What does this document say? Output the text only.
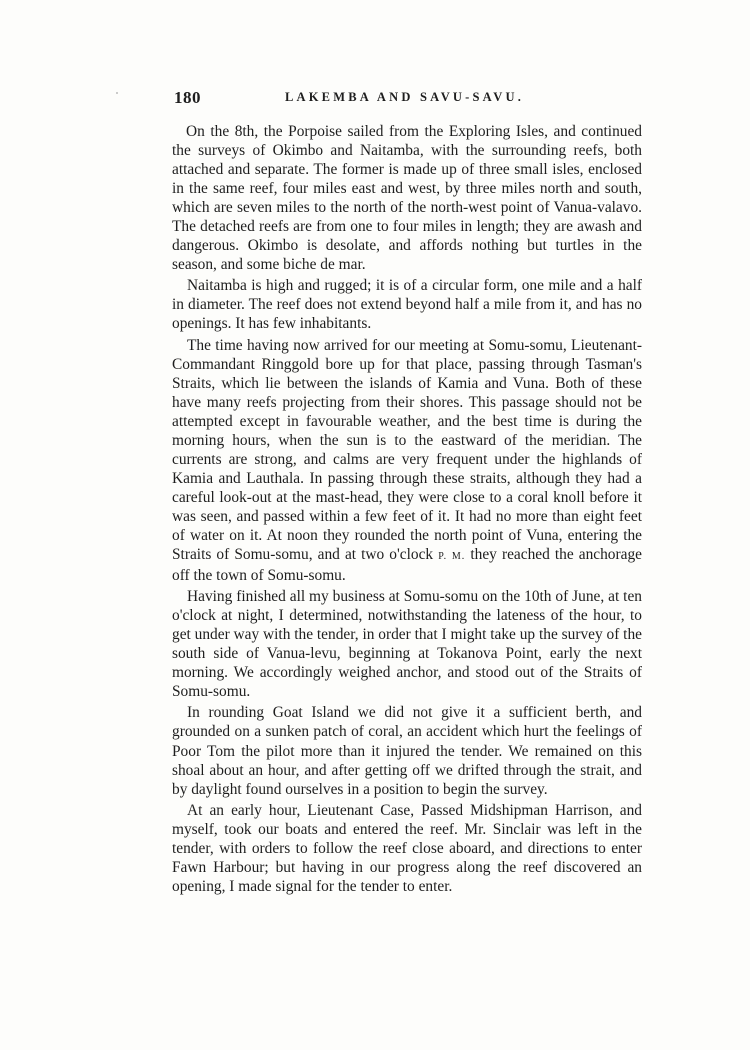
180	LAKEMBA AND SAVU-SAVU.

On the 8th, the Porpoise sailed from the Exploring Isles, and continued the surveys of Okimbo and Naitamba, with the surrounding reefs, both attached and separate. The former is made up of three small isles, enclosed in the same reef, four miles east and west, by three miles north and south, which are seven miles to the north of the north-west point of Vanua-valavo. The detached reefs are from one to four miles in length; they are awash and dangerous. Okimbo is desolate, and affords nothing but turtles in the season, and some biche de mar.

Naitamba is high and rugged; it is of a circular form, one mile and a half in diameter. The reef does not extend beyond half a mile from it, and has no openings. It has few inhabitants.

The time having now arrived for our meeting at Somu-somu, Lieutenant-Commandant Ringgold bore up for that place, passing through Tasman's Straits, which lie between the islands of Kamia and Vuna. Both of these have many reefs projecting from their shores. This passage should not be attempted except in favourable weather, and the best time is during the morning hours, when the sun is to the eastward of the meridian. The currents are strong, and calms are very frequent under the highlands of Kamia and Lauthala. In passing through these straits, although they had a careful look-out at the mast-head, they were close to a coral knoll before it was seen, and passed within a few feet of it. It had no more than eight feet of water on it. At noon they rounded the north point of Vuna, entering the Straits of Somu-somu, and at two o'clock P. M. they reached the anchorage off the town of Somu-somu.

Having finished all my business at Somu-somu on the 10th of June, at ten o'clock at night, I determined, notwithstanding the lateness of the hour, to get under way with the tender, in order that I might take up the survey of the south side of Vanua-levu, beginning at Tokanova Point, early the next morning. We accordingly weighed anchor, and stood out of the Straits of Somu-somu.

In rounding Goat Island we did not give it a sufficient berth, and grounded on a sunken patch of coral, an accident which hurt the feelings of Poor Tom the pilot more than it injured the tender. We remained on this shoal about an hour, and after getting off we drifted through the strait, and by daylight found ourselves in a position to begin the survey.

At an early hour, Lieutenant Case, Passed Midshipman Harrison, and myself, took our boats and entered the reef. Mr. Sinclair was left in the tender, with orders to follow the reef close aboard, and directions to enter Fawn Harbour; but having in our progress along the reef discovered an opening, I made signal for the tender to enter.
